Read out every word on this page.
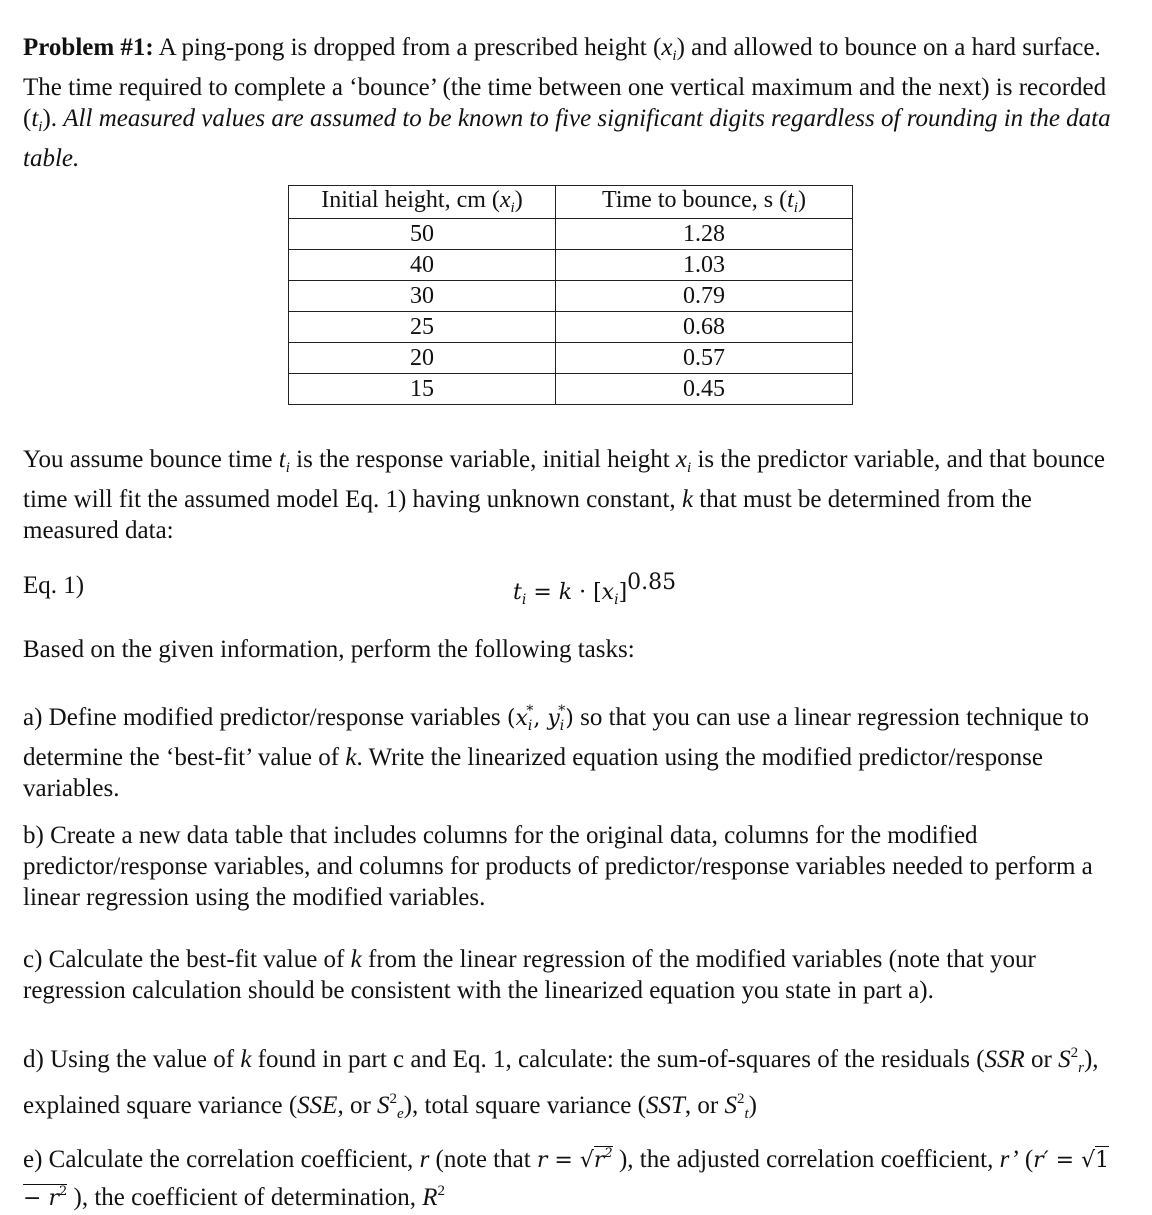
Problem #1: A ping-pong is dropped from a prescribed height $(x_i)$ and allowed to bounce on a hard surface. The time required to complete a ‘bounce’ (the time between one vertical maximum and the next) is recorded $(t_i)$. All measured values are assumed to be known to five significant digits regardless of rounding in the data table.

Initial height, cm $(x_i)$	Time to bounce, s $(t_i)$
50	1.28
40	1.03
30	0.79
25	0.68
20	0.57
15	0.45

You assume bounce time $t_i$ is the response variable, initial height $x_i$ is the predictor variable, and that bounce time will fit the assumed model Eq. 1) having unknown constant, k that must be determined from the measured data:

Eq. 1)	$t_i = k \cdot [x_i]0.85$

Based on the given information, perform the following tasks:

a) Define modified predictor/response variables ($x_i^*$, $y_i^*$) so that you can use a linear regression technique to determine the ‘best-fit’ value of k. Write the linearized equation using the modified predictor/response variables.

b) Create a new data table that includes columns for the original data, columns for the modified predictor/response variables, and columns for products of predictor/response variables needed to perform a linear regression using the modified variables.

c) Calculate the best-fit value of k from the linear regression of the modified variables (note that your regression calculation should be consistent with the linearized equation you state in part a).

d) Using the value of k found in part c and Eq. 1, calculate: the sum-of-squares of the residuals (SSR or $S^2_r$), explained square variance (SSE, or $S^2_e$), total square variance (SST, or $S^2_t$)

e) Calculate the correlation coefficient, r (note that $r = √r^2$ ), the adjusted correlation coefficient, r’ ($r' = √1 - r^2$ ), the coefficient of determination, $R^2$
